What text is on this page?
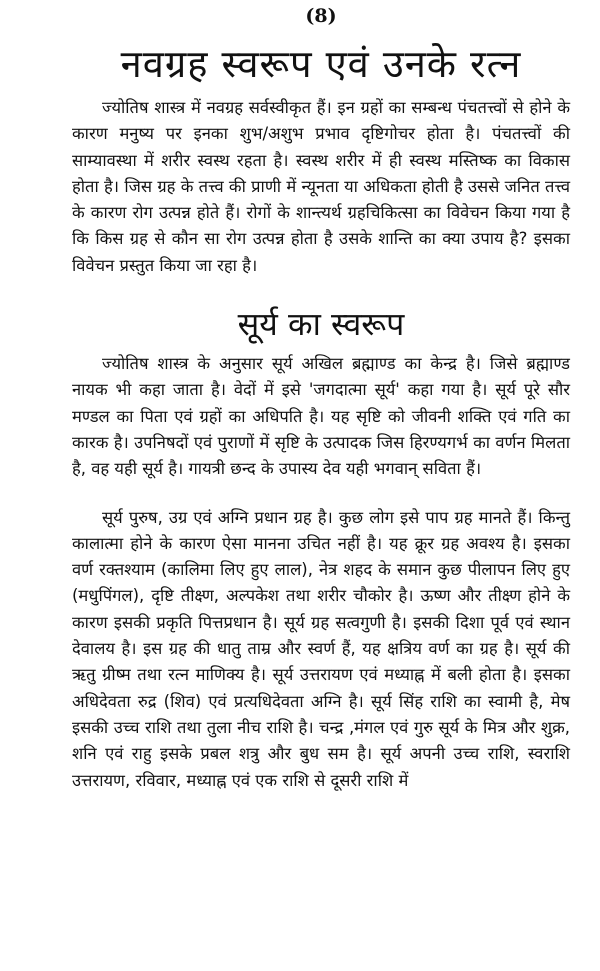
(8)
नवग्रह स्वरूप एवं उनके रत्न

ज्योतिष शास्त्र में नवग्रह सर्वस्वीकृत हैं। इन ग्रहों का सम्बन्ध पंचतत्त्वों से होने के कारण मनुष्य पर इनका शुभ/अशुभ प्रभाव दृष्टिगोचर होता है। पंचतत्त्वों की साम्यावस्था में शरीर स्वस्थ रहता है। स्वस्थ शरीर में ही स्वस्थ मस्तिष्क का विकास होता है। जिस ग्रह के तत्त्व की प्राणी में न्यूनता या अधिकता होती है उससे जनित तत्त्व के कारण रोग उत्पन्न होते हैं। रोगों के शान्त्यर्थ ग्रहचिकित्सा का विवेचन किया गया है कि किस ग्रह से कौन सा रोग उत्पन्न होता है उसके शान्ति का क्या उपाय है? इसका विवेचन प्रस्तुत किया जा रहा है।

सूर्य का स्वरूप

ज्योतिष शास्त्र के अनुसार सूर्य अखिल ब्रह्माण्ड का केन्द्र है। जिसे ब्रह्माण्ड नायक भी कहा जाता है। वेदों में इसे 'जगदात्मा सूर्य' कहा गया है। सूर्य पूरे सौर मण्डल का पिता एवं ग्रहों का अधिपति है। यह सृष्टि को जीवनी शक्ति एवं गति का कारक है। उपनिषदों एवं पुराणों में सृष्टि के उत्पादक जिस हिरण्यगर्भ का वर्णन मिलता है, वह यही सूर्य है। गायत्री छन्द के उपास्य देव यही भगवान् सविता हैं।

सूर्य पुरुष, उग्र एवं अग्नि प्रधान ग्रह है। कुछ लोग इसे पाप ग्रह मानते हैं। किन्तु कालात्मा होने के कारण ऐसा मानना उचित नहीं है। यह क्रूर ग्रह अवश्य है। इसका वर्ण रक्तश्याम (कालिमा लिए हुए लाल), नेत्र शहद के समान कुछ पीलापन लिए हुए (मधुपिंगल), दृष्टि तीक्ष्ण, अल्पकेश तथा शरीर चौकोर है। ऊष्ण और तीक्ष्ण होने के कारण इसकी प्रकृति पित्तप्रधान है। सूर्य ग्रह सत्वगुणी है। इसकी दिशा पूर्व एवं स्थान देवालय है। इस ग्रह की धातु ताम्र और स्वर्ण हैं, यह क्षत्रिय वर्ण का ग्रह है। सूर्य की ऋतु ग्रीष्म तथा रत्न माणिक्य है। सूर्य उत्तरायण एवं मध्याह्न में बली होता है। इसका अधिदेवता रुद्र (शिव) एवं प्रत्यधिदेवता अग्नि है। सूर्य सिंह राशि का स्वामी है, मेष इसकी उच्च राशि तथा तुला नीच राशि है। चन्द्र ,मंगल एवं गुरु सूर्य के मित्र और शुक्र, शनि एवं राहु इसके प्रबल शत्रु और बुध सम है। सूर्य अपनी उच्च राशि, स्वराशि उत्तरायण, रविवार, मध्याह्न एवं एक राशि से दूसरी राशि में
